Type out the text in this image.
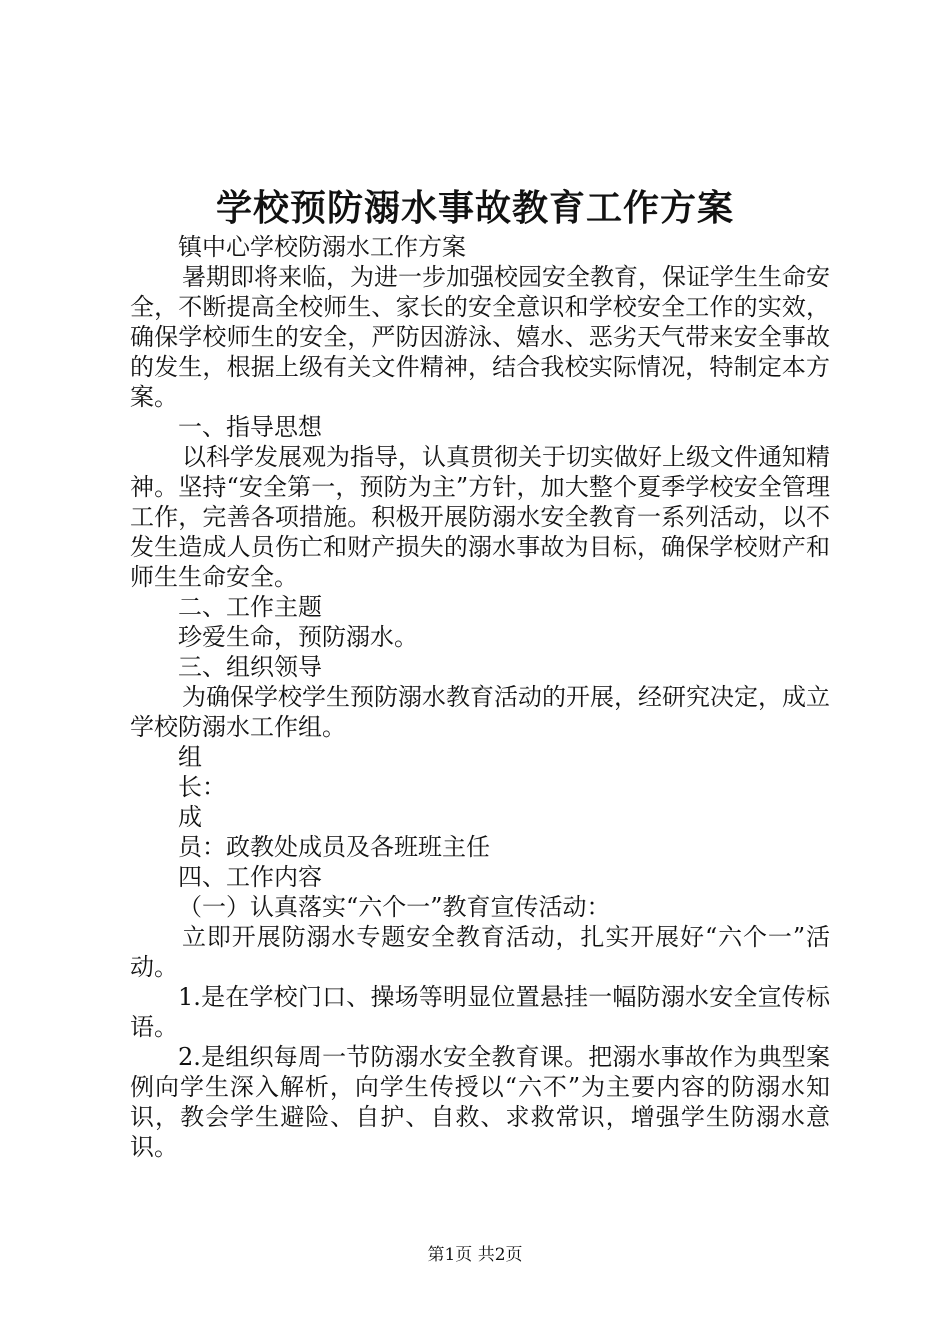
学校预防溺水事故教育工作方案

镇中心学校防溺水工作方案

暑期即将来临，为进一步加强校园安全教育，保证学生生命安全，不断提高全校师生、家长的安全意识和学校安全工作的实效，确保学校师生的安全，严防因游泳、嬉水、恶劣天气带来安全事故的发生，根据上级有关文件精神，结合我校实际情况，特制定本方案。

一、指导思想

以科学发展观为指导，认真贯彻关于切实做好上级文件通知精神。坚持“安全第一，预防为主”方针，加大整个夏季学校安全管理工作，完善各项措施。积极开展防溺水安全教育一系列活动，以不发生造成人员伤亡和财产损失的溺水事故为目标，确保学校财产和师生生命安全。

二、工作主题

珍爱生命，预防溺水。

三、组织领导

为确保学校学生预防溺水教育活动的开展，经研究决定，成立学校防溺水工作组。

组

长：

成

员：政教处成员及各班班主任

四、工作内容

（一）认真落实“六个一”教育宣传活动：

立即开展防溺水专题安全教育活动，扎实开展好“六个一”活动。

1.是在学校门口、操场等明显位置悬挂一幅防溺水安全宣传标语。

2.是组织每周一节防溺水安全教育课。把溺水事故作为典型案例向学生深入解析，向学生传授以“六不”为主要内容的防溺水知识，教会学生避险、自护、自救、求救常识，增强学生防溺水意识。

第1页 共2页
